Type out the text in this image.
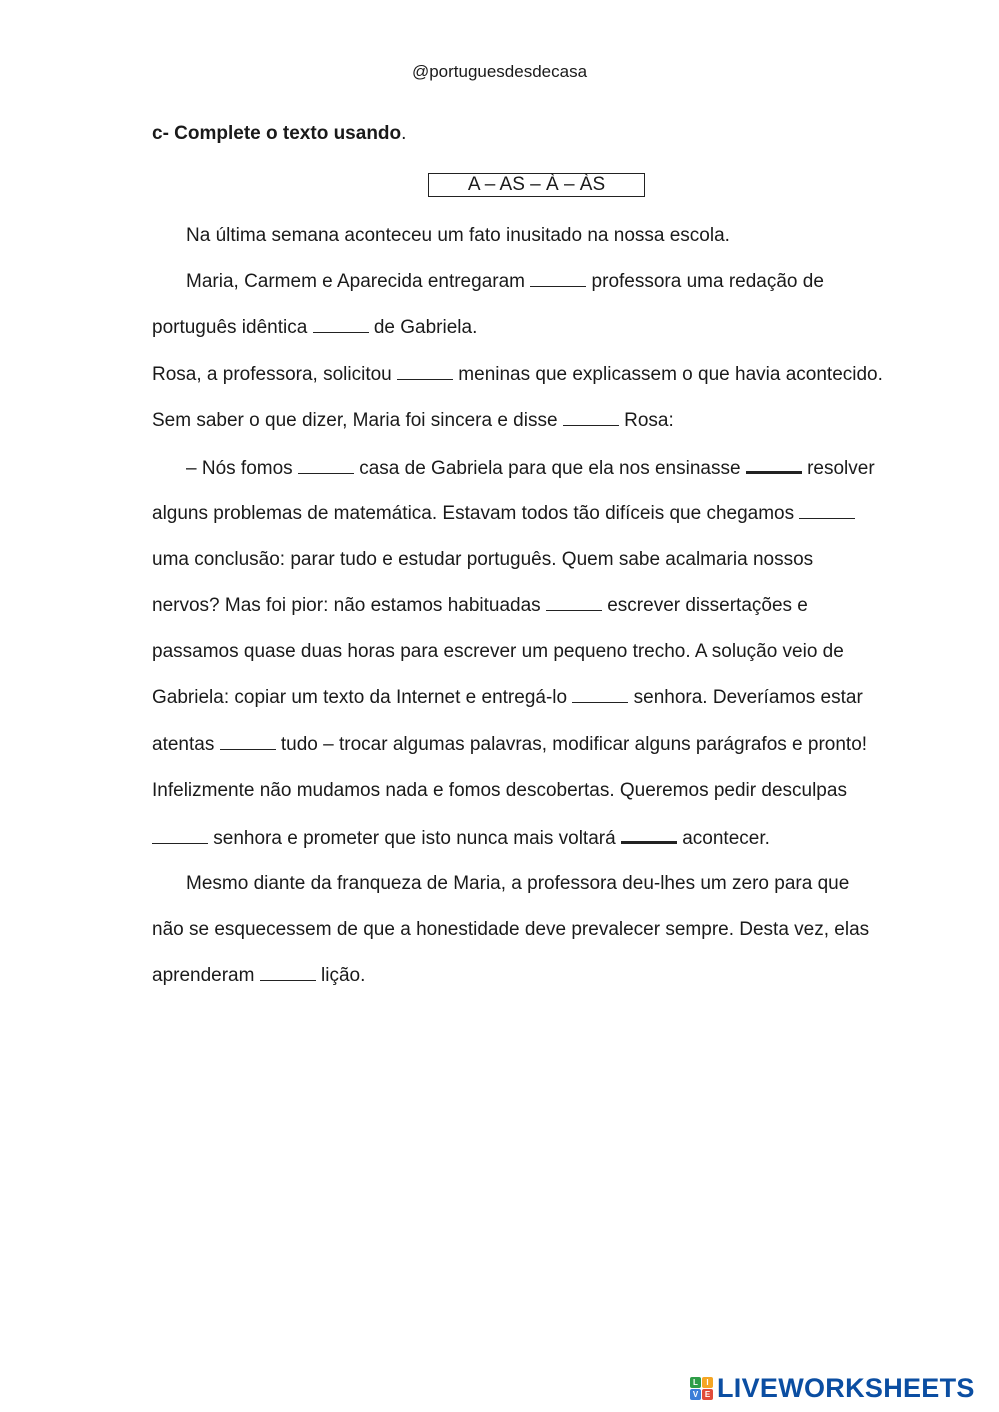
@portuguesdesdecasa
c- Complete o texto usando.
A – AS – À – ÀS
Na última semana aconteceu um fato inusitado na nossa escola.
Maria, Carmem e Aparecida entregaram	professora uma redação de
português idêntica	de Gabriela.
Rosa, a professora, solicitou	meninas que explicassem o que havia acontecido.
Sem saber o que dizer, Maria foi sincera e disse	Rosa:
– Nós fomos	casa de Gabriela para que ela nos ensinasse	resolver
alguns problemas de matemática. Estavam todos tão difíceis que chegamos
uma conclusão: parar tudo e estudar português. Quem sabe acalmaria nossos
nervos? Mas foi pior: não estamos habituadas	escrever dissertações e
passamos quase duas horas para escrever um pequeno trecho. A solução veio de
Gabriela: copiar um texto da Internet e entregá-lo	senhora. Deveríamos estar
atentas	tudo – trocar algumas palavras, modificar alguns parágrafos e pronto!
Infelizmente não mudamos nada e fomos descobertas. Queremos pedir desculpas
senhora e prometer que isto nunca mais voltará	acontecer.
Mesmo diante da franqueza de Maria, a professora deu-lhes um zero para que
não se esquecessem de que a honestidade deve prevalecer sempre. Desta vez, elas
aprenderam	lição.
L	I
V E LIVEWORKSHEETS
